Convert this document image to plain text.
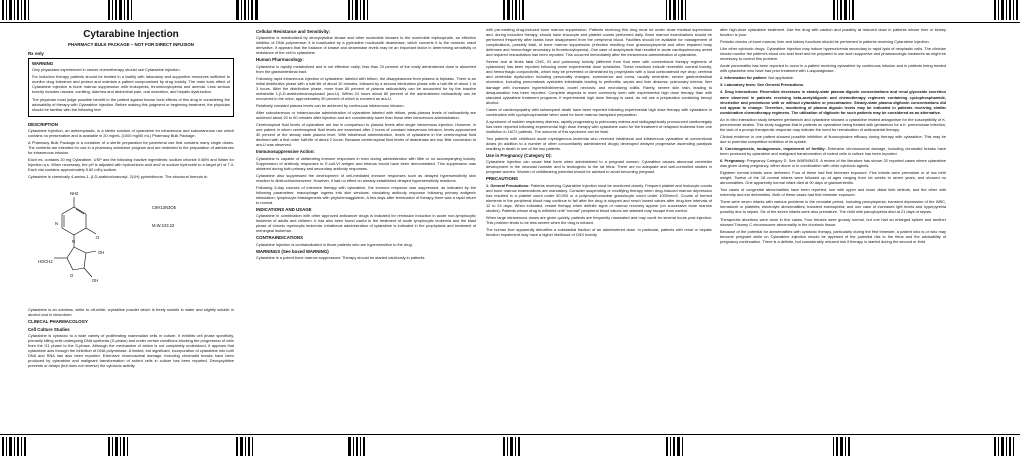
Cytarabine Injection
PHARMACY BULK PACKAGE – NOT FOR DIRECT INFUSION
Rx only
WARNING

Only physicians experienced in cancer chemotherapy should use Cytarabine Injection.

For induction therapy patients should be treated in a facility with laboratory and supportive resources sufficient to monitor drug tolerance and protect and maintain a patient compromised by drug toxicity. The main toxic effect of Cytarabine Injection is bone marrow suppression with leukopenia, thrombocytopenia and anemia. Less serious toxicity includes nausea, vomiting, diarrhea and abdominal pain, oral ulceration, and hepatic dysfunction.

The physician must judge possible benefit to the patient against known toxic effects of this drug in considering the advisability of therapy with Cytarabine Injection. Before making this judgment or beginning treatment, the physician should be familiar with the following text.

DESCRIPTION

Cytarabine Injection, an antineoplastic, is a sterile solution of cytarabine for intravenous and subcutaneous use which contains no preservative and is available in 20 mg/mL (1000 mg/50 mL) Pharmacy Bulk Package.

A Pharmacy Bulk Package is a container of a sterile preparation for parenteral use that contains many single doses. The contents are intended for use in a pharmacy admixture program and are restricted to the preparation of admixtures for intravenous infusion.

Each mL contains 20 mg Cytarabine, USP and the following inactive ingredients: sodium chloride 0.68% and Water for Injection q.s. When necessary, the pH is adjusted with hydrochloric acid and/ or sodium hydroxide to a target pH of 7.4. Each vial contains approximately 5.82 mEq sodium.

Cytarabine is chemically 4-amino-1- β-D-arabinofuranosyl- 2(1H)-pyrimidinone. The structural formula is:

NH2
N
N
O
HOCH2
OH
O
OH
C9H13N3O5
M.W.243.22

Cytarabine is an odorless, white to off-white, crystalline powder which is freely soluble in water and slightly soluble in alcohol and in chloroform.

CLINICAL PHARMACOLOGY
Cell Culture Studies

Cytarabine is cytotoxic to a wide variety of proliferating mammalian cells in culture. It exhibits cell phase specificity, primarily killing cells undergoing DNA synthesis (S-phase) and under certain conditions blocking the progression of cells from the G1 phase to the S-phase. Although the mechanism of action is not completely understood, it appears that cytarabine acts through the inhibition of DNA polymerase. A limited, but significant, incorporation of cytarabine into both DNA and RNA has also been reported. Extensive chromosomal damage, including chromatid breaks have been produced by cytarabine and malignant transformation of rodent cells in culture has been reported. Deoxycytidine prevents or delays (but does not reverse) the cytotoxic activity.

Cellular Resistance and Sensitivity:

Cytarabine is metabolized by deoxycytidine kinase and other nucleotide kinases to the nucleotide triphosphate, an effective inhibitor of DNA polymerase; it is inactivated by a pyrimidine nucleoside deaminase, which converts it to the nontoxic uracil derivative. It appears that the balance of kinase and deaminase levels may be an important factor in determining sensitivity or resistance of the cell to cytarabine.

Human Pharmacology:

Cytarabine is rapidly metabolized and is not effective orally; less than 20 percent of the orally administered dose is absorbed from the gastrointestinal tract.

Following rapid intravenous injection of cytarabine, labeled with tritium, the disappearance from plasma is biphasic. There is an initial distributive phase with a half-life of about 10 minutes, followed by a second elimination phase with a half-life of about 1 to 3 hours. After the distributive phase, more than 80 percent of plasma radioactivity can be accounted for by the inactive metabolite 1-β-D-arabinofuranosyluracil (ara-U). Within 24 hours about 80 percent of the administered radioactivity can be recovered in the urine, approximately 90 percent of which is excreted as ara-U.

Relatively constant plasma levels can be achieved by continuous intravenous infusion.

After subcutaneous or intramuscular administration of cytarabine labeled with tritium, peak-plasma levels of radioactivity are achieved about 20 to 60 minutes after injection and are considerably lower than those after intravenous administration.

Cerebrospinal fluid levels of cytarabine are low in comparison to plasma levels after single intravenous injection. However, in one patient in whom cerebrospinal fluid levels are examined after 2 hours of constant intravenous infusion, levels approached 40 percent of the steady state plasma level. With intrathecal administration, levels of cytarabine in the cerebrospinal fluid declined with a first order half-life of about 2 hours. Because cerebrospinal fluid levels of deaminase are low, little conversion to ara-U was observed.

Immunosuppressive Action:

Cytarabine is capable of obliterating immune responses in man during administration with little or no accompanying toxicity. Suppression of antibody responses to E-coli-VI antigen and tetanus toxoid have been demonstrated. This suppression was obtained during both primary and secondary antibody responses.

Cytarabine also suppressed the development of cell-mediated immune responses such as delayed hypersensitivity skin reaction to dinitrochlorobenzene. However, it had no effect on already established delayed hypersensitivity reactions.

Following 5-day courses of intensive therapy with cytarabine, the immune response was suppressed, as indicated by the following parameters: macrophage ingress into skin windows; circulating antibody response following primary antigenic stimulation; lymphocyte blastogenesis with phytohemagglutinin. A few days after termination of therapy there was a rapid return to normal.

INDICATIONS AND USAGE

Cytarabine in combination with other approved anticancer drugs is indicated for remission induction in acute non-lymphocytic leukemia of adults and children. It has also been found useful in the treatment of acute lymphocytic leukemia and the blast phase of chronic myelocytic leukemia. Intrathecal administration of cytarabine is indicated in the prophylaxis and treatment of meningeal leukemia.

CONTRAINDICATIONS

Cytarabine Injection is contraindicated in those patients who are hypersensitive to the drug.

WARNINGS (See boxed WARNING)

Cytarabine is a potent bone marrow suppressant. Therapy should be started cautiously in patients

with pre-existing drug-induced bone marrow suppression. Patients receiving this drug must be under close medical supervision and, during induction therapy, should have leucocyte and platelet counts performed daily. Bone marrow examinations should be performed frequently after blasts have disappeared from the peripheral blood. Facilities should be available for management of complications, possibly fatal, of bone marrow suppression (infection resulting from granulocytopenia and other impaired body defenses and hemorrhage secondary to thrombocytopenia). One case of anaphylaxis that resulted in acute cardiopulmonary arrest and required resuscitation has been reported. This occurred immediately after the intravenous administration of cytarabine.

Severe and at times fatal CNS, GI and pulmonary toxicity (different from that seen with conventional therapy regimens of cytarabine) has been reported following some experimental dose schedules. These reactions include reversible corneal toxicity, and hemorrhagic conjunctivitis, which may be prevented or diminished by prophylaxis with a local corticosteroid eye drop; cerebral and cerebellar dysfunction including personality changes, somnolence and coma, usually reversible; severe gastrointestinal ulceration, including pneumatosis cystoides intestinalis leading to peritonitis; sepsis and liver abscess; pulmonary edema; liver damage with increased hyperbilirubinemia; bowel necrosis; and necrotizing colitis. Rarely, severe skin rash, leading to desquamation has been reported. Complete alopecia is more commonly seen with experimental high dose therapy than with standard cytarabine treatment programs. If experimental high dose therapy is used, do not use a preparation containing benzyl alcohol.

Cases of cardiomyopathy with subsequent death have been reported following experimental high dose therapy with cytarabine in combination with cyclophosphamide when used for bone marrow transplant preparation.

A syndrome of sudden respiratory distress, rapidly progressing to pulmonary edema and radiographically pronounced cardiomegaly has been reported following experimental high dose therapy with cytarabine used for the treatment of relapsed leukemia from one institution in 16/72 patients. The outcome of this syndrome can be fatal.

Two patients with childhood acute myelogenous leukemia who received intrathecal and intravenous cytarabine at conventional doses (in addition to a number of other concomitantly administered drugs) developed delayed progressive ascending paralysis resulting in death in one of the two patients.

Use in Pregnancy (Category D):

Cytarabine Injection can cause fetal harm when administered to a pregnant woman. Cytarabine causes abnormal cerebellar development in the neonatal hamster and is teratogenic to the rat fetus. There are no adequate and well-controlled studies in pregnant women. Women of childbearing potential should be advised to avoid becoming pregnant.

PRECAUTIONS

1. General Precautions: Patients receiving Cytarabine Injection must be monitored closely. Frequent platelet and leukocyte counts and bone marrow examinations are mandatory. Consider suspending or modifying therapy when drug-induced marrow depression has resulted in a platelet count under 50,000 or a polymorphonuclear granulocyte count under 1000/mm3. Counts of formed elements in the peripheral blood may continue to fall after the drug is stopped and reach lowest values after drug-free intervals of 12 to 24 days. When indicated, restart therapy when definite signs of marrow recovery appear (on successive bone marrow studies). Patients whose drug is withheld until "normal" peripheral blood values are attained may escape from control.

When large intravenous doses are given quickly, patients are frequently nauseated and may vomit for several hours post injection. This problem tends to be less severe when the drug is infused.

The human liver apparently detoxifies a substantial fraction of an administered dose. In particular, patients with renal or hepatic function impairment may have a higher likelihood of CNS toxicity

after high-dose cytarabine treatment. Use the drug with caution and possibly at reduced dose in patients whose liver or kidney function is poor.

Periodic checks of bone marrow, liver and kidney functions should be performed in patients receiving Cytarabine Injection.

Like other cytotoxic drugs, Cytarabine Injection may induce hyperuricemia secondary to rapid lysis of neoplastic cells. The clinician should monitor the patient's blood uric acid level and be prepared to use such supportive and pharmacologic measures as might be necessary to control this problem.

Acute pancreatitis has been reported to occur in a patient receiving cytarabine by continuous infusion and in patients being treated with cytarabine who have had prior treatment with L-asparaginase.

2. Information for patient: Not applicable.

3. Laboratory tests: See General Precautions.

4. Drug interactions: Reversible decreases in steady-state plasma digoxin concentrations and renal glycoside excretion were observed in patients receiving beta-acetyldigoxin and chemotherapy regimens containing cyclophosphamide, vincristine and prednisone with or without cytarabine or procarbazine. Steady-state plasma digitoxin concentrations did not appear to change. Therefore, monitoring of plasma digoxin levels may be indicated in patients receiving similar combination chemotherapy regimens. The utilization of digitoxin for such patients may be considered as an alternative.

An in vitro interaction study between gentamicin and cytarabine showed a cytarabine related antagonism for the susceptibility of K. pneumoniae strains. This study suggests that in patients on cytarabine being treated with gentamicin for a K. pneumoniae infection, the lack of a prompt therapeutic response may indicate the need for reevaluation of antibacterial therapy.

Clinical evidence in one patient showed possible inhibition of fluorocytosine efficacy during therapy with cytarabine. This may be due to potential competitive inhibition of its uptake.

5. Carcinogenesis, mutagenesis, impairment of fertility: Extensive chromosomal damage, including chromatid breaks have been produced by cytarabine and malignant transformation of rodent cells in culture has been reported.

6. Pregnancy: Pregnancy Category D. See WARNINGS. A review of the literature has shown 32 reported cases where cytarabine was given during pregnancy, either alone or in combination with other cytotoxic agents.

Eighteen normal infants were delivered. Four of these had first trimester exposure. Five infants were premature or of low birth weight. Twelve of the 18 normal infants were followed up at ages ranging from six weeks to seven years, and showed no abnormalities. One apparently normal infant died at 90 days of gastroenteritis.

Two cases of congenital abnormalities have been reported, one with upper and lower distal limb defects, and the other with extremity and ear deformities. Both of these cases had first trimester exposure.

There were seven infants with various problems in the neonatal period, including pancytopenia; transient depression of the WBC, hematocrit or platelets; electrolyte abnormalities; transient eosinophilia; and one case of increased IgM levels and hyperpyrexia possibly due to sepsis. Six of the seven infants were also premature. The child with pancytopenia died at 21 days of sepsis.

Therapeutic abortions were done in five cases. Four fetuses were grossly normal, but one had an enlarged spleen and another showed Trisomy C chromosome abnormality in the chorionic tissue.

Because of the potential for abnormalities with cytotoxic therapy, particularly during the first trimester, a patient who is or who may become pregnant while on Cytarabine Injection should be apprised of the potential risk to the fetus and the advisability of pregnancy continuation. There is a definite, but considerably reduced risk if therapy is started during the second or third
